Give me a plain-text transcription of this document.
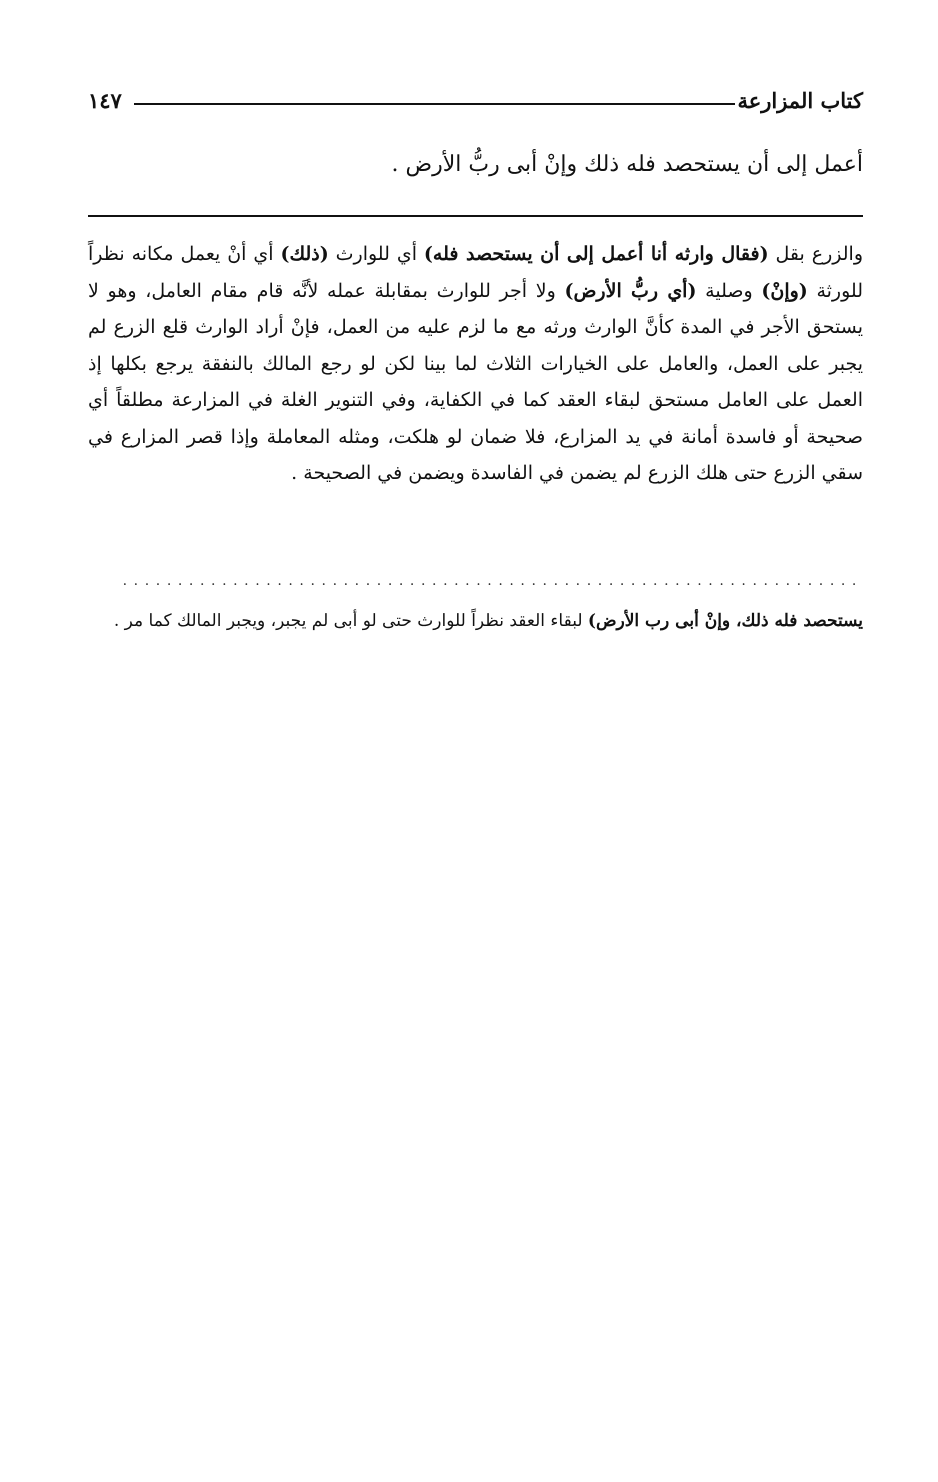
كتاب المزارعة
١٤٧
أعمل إلى أن يستحصد فله ذلك وإنْ أبى ربُّ الأرض .
والزرع بقل (فقال وارثه أنا أعمل إلى أن يستحصد فله) أي للوارث (ذلك) أي أنْ يعمل مكانه نظراً للورثة (وإنْ) وصلية (أي ربُّ الأرض) ولا أجر للوارث بمقابلة عمله لأنَّه قام مقام العامل، وهو لا يستحق الأجر في المدة كأنَّ الوارث ورثه مع ما لزم عليه من العمل، فإنْ أراد الوارث قلع الزرع لم يجبر على العمل، والعامل على الخيارات الثلاث لما بينا لكن لو رجع المالك بالنفقة يرجع بكلها إذ العمل على العامل مستحق لبقاء العقد كما في الكفاية، وفي التنوير الغلة في المزارعة مطلقاً أي صحيحة أو فاسدة أمانة في يد المزارع، فلا ضمان لو هلكت، ومثله المعاملة وإذا قصر المزارع في سقي الزرع حتى هلك الزرع لم يضمن في الفاسدة ويضمن في الصحيحة .
...................................................................
يستحصد فله ذلك، وإنْ أبى رب الأرض) لبقاء العقد نظراً للوارث حتى لو أبى لم يجبر، ويجبر المالك كما مر .
